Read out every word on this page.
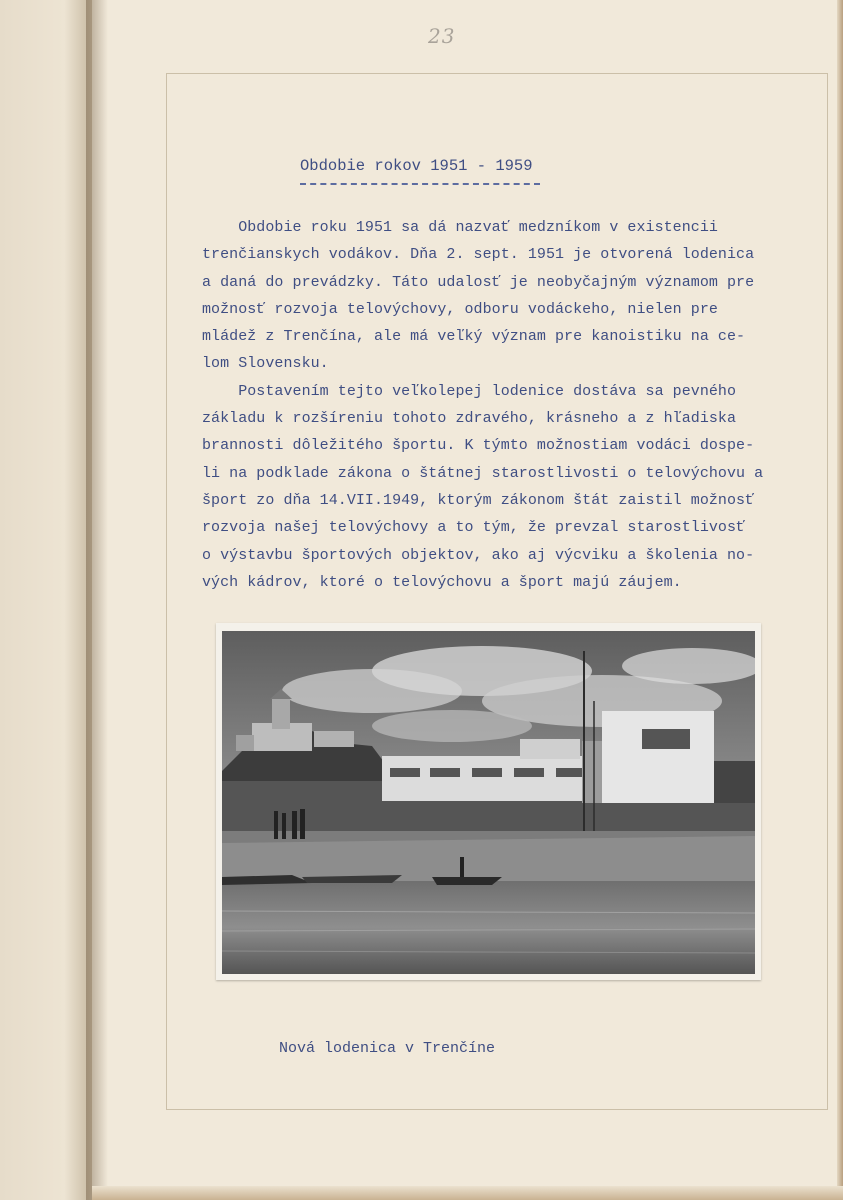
23
Obdobie rokov 1951 - 1959
Obdobie roku 1951 sa dá nazvať medzníkom v existencii
trenčianskych vodákov. Dňa 2. sept. 1951 je otvorená lodenica
a daná do prevádzky. Táto udalosť je neobyčajným významom pre
možnosť rozvoja telovýchovy, odboru vodáckeho, nielen pre
mládež z Trenčína, ale má veľký význam pre kanoistiku na ce-
lom Slovensku.
Postavením tejto veľkolepej lodenice dostáva sa pevného
základu k rozšíreniu tohoto zdravého, krásneho a z hľadiska
brannosti dôležitého športu. K týmto možnostiam vodáci dospe-
li na podklade zákona o štátnej starostlivosti o telovýchovu a
šport zo dňa 14.VII.1949, ktorým zákonom štát zaistil možnosť
rozvoja našej telovýchovy a to tým, že prevzal starostlivosť
o výstavbu športových objektov, ako aj výcviku a školenia no-
vých kádrov, ktoré o telovýchovu a šport majú záujem.
Nová lodenica v Trenčíne
